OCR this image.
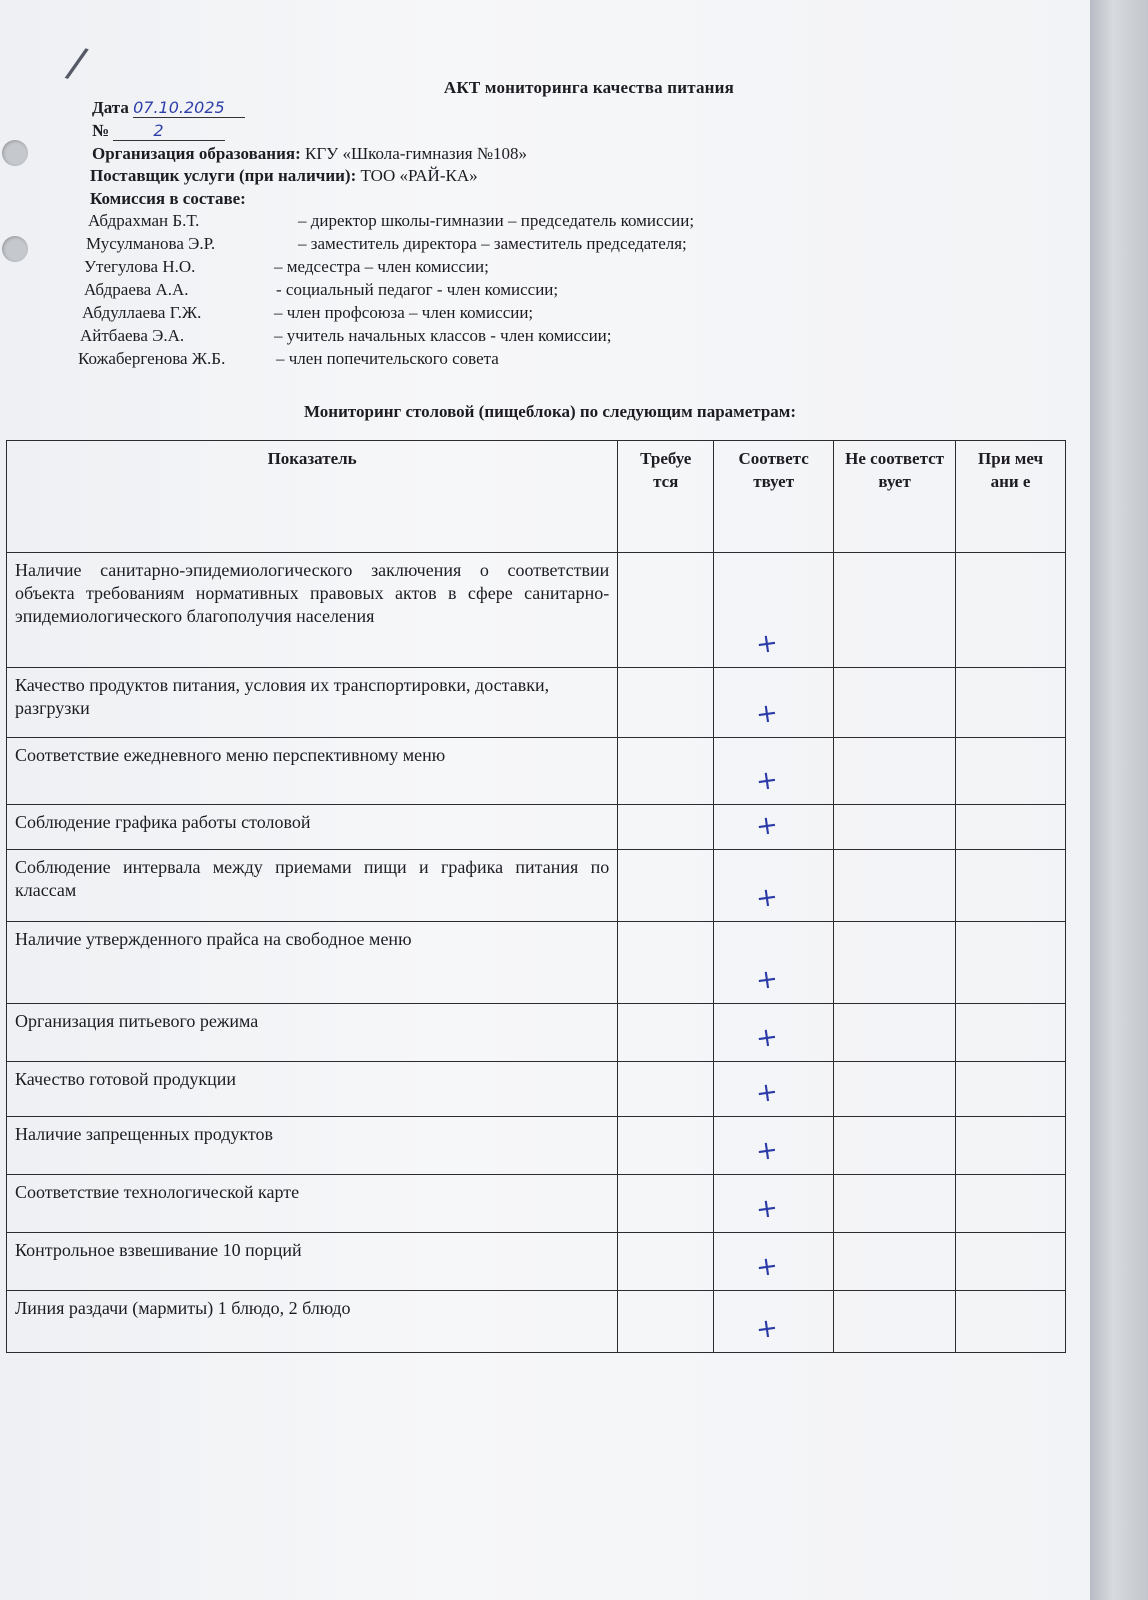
/	АКТ мониторинга качества питания
Дата 07.10.2025
№	2
Организация образования: КГУ «Школа-гимназия №108»
Поставщик услуги (при наличии): ТОО «РАЙ-КА»
Комиссия в составе:
Абдрахман Б.Т.	– директор школы-гимназии – председатель комиссии;
Мусулманова Э.Р.	– заместитель директора – заместитель председателя;
Утегулова Н.О.	– медсестра – член комиссии;
Абдраева А.А.	- социальный педагог - член комиссии;
Абдуллаева Г.Ж.	– член профсоюза – член комиссии;
Айтбаева Э.А.	– учитель начальных классов - член комиссии;
Кожабергенова Ж.Б.	– член попечительского совета
Мониторинг столовой (пищеблока) по следующим параметрам:
Показатель	Требуе тся	Соответс твует	Не соответст вует	При меч ани е
Наличие санитарно-эпидемиологического заключения о соответствии объекта требованиям нормативных правовых актов в сфере санитарно-эпидемиологического благополучия населения		+		

Качество продуктов питания, условия их транспортировки, доставки, разгрузки		+		

Соответствие ежедневного меню перспективному меню		+		

Соблюдение графика работы столовой		+		

Соблюдение интервала между приемами пищи и графика питания по классам		+		

Наличие утвержденного прайса на свободное меню		+		

Организация питьевого режима		+		

Качество готовой продукции		+		

Наличие запрещенных продуктов		+		

Соответствие технологической карте		+		

Контрольное взвешивание 10 порций		+		

Линия раздачи (мармиты) 1 блюдо, 2 блюдо		+		
